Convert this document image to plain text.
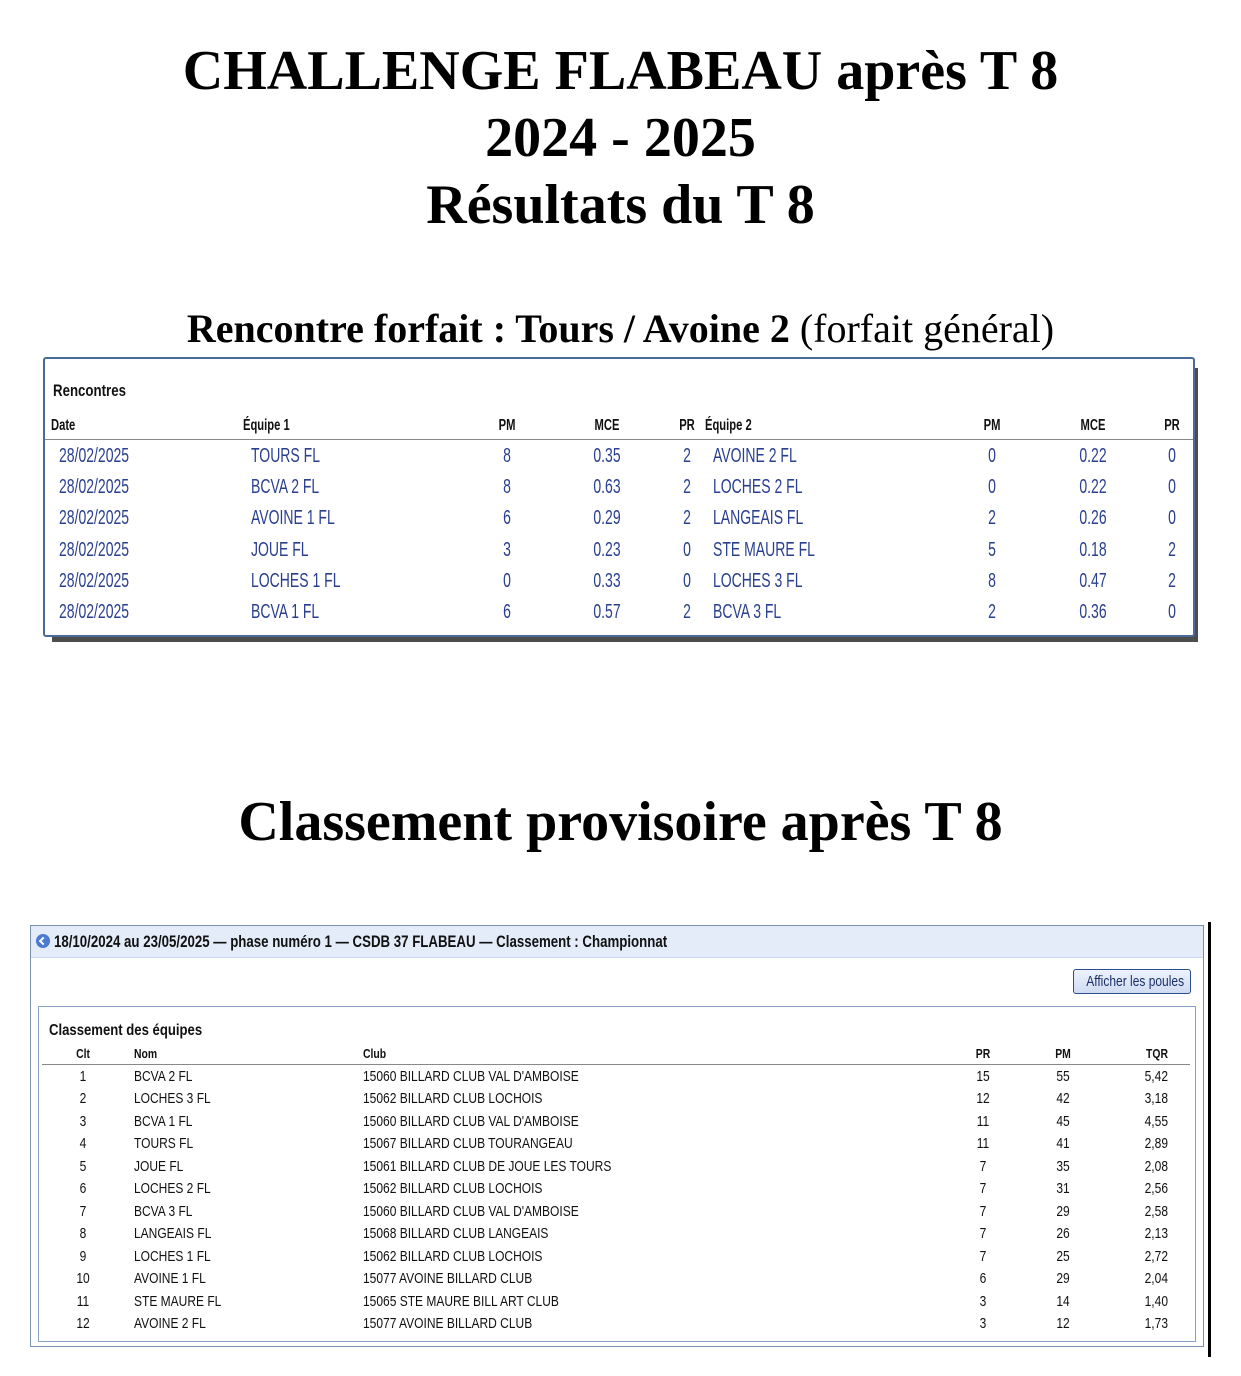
CHALLENGE FLABEAU après T 8
2024 - 2025
Résultats du T 8
Rencontre forfait : Tours / Avoine 2 (forfait général)
Rencontres
Date	Équipe 1	PM	MCE	PR Équipe 2	PM	MCE	PR
28/02/2025	TOURS FL	8	0.35	2	AVOINE 2 FL	0	0.22	0
28/02/2025	BCVA 2 FL	8	0.63	2	LOCHES 2 FL	0	0.22	0
28/02/2025	AVOINE 1 FL	6	0.29	2	LANGEAIS FL	2	0.26	0
28/02/2025	JOUE FL	3	0.23	0	STE MAURE FL	5	0.18	2
28/02/2025	LOCHES 1 FL	0	0.33	0	LOCHES 3 FL	8	0.47	2
28/02/2025	BCVA 1 FL	6	0.57	2	BCVA 3 FL	2	0.36	0
Classement provisoire après T 8
18/10/2024 au 23/05/2025 — phase numéro 1 — CSDB 37 FLABEAU — Classement : Championnat
Afficher les poules
Classement des équipes
Clt	Nom	Club	PR	PM	TQR
1	BCVA 2 FL	15060 BILLARD CLUB VAL D'AMBOISE	15	55	5,42
2	LOCHES 3 FL	15062 BILLARD CLUB LOCHOIS	12	42	3,18
3	BCVA 1 FL	15060 BILLARD CLUB VAL D'AMBOISE	11	45	4,55
4	TOURS FL	15067 BILLARD CLUB TOURANGEAU	11	41	2,89
5	JOUE FL	15061 BILLARD CLUB DE JOUE LES TOURS	7	35	2,08
6	LOCHES 2 FL	15062 BILLARD CLUB LOCHOIS	7	31	2,56
7	BCVA 3 FL	15060 BILLARD CLUB VAL D'AMBOISE	7	29	2,58
8	LANGEAIS FL	15068 BILLARD CLUB LANGEAIS	7	26	2,13
9	LOCHES 1 FL	15062 BILLARD CLUB LOCHOIS	7	25	2,72
10	AVOINE 1 FL	15077 AVOINE BILLARD CLUB	6	29	2,04
11	STE MAURE FL	15065 STE MAURE BILL ART CLUB	3	14	1,40
12	AVOINE 2 FL	15077 AVOINE BILLARD CLUB	3	12	1,73
